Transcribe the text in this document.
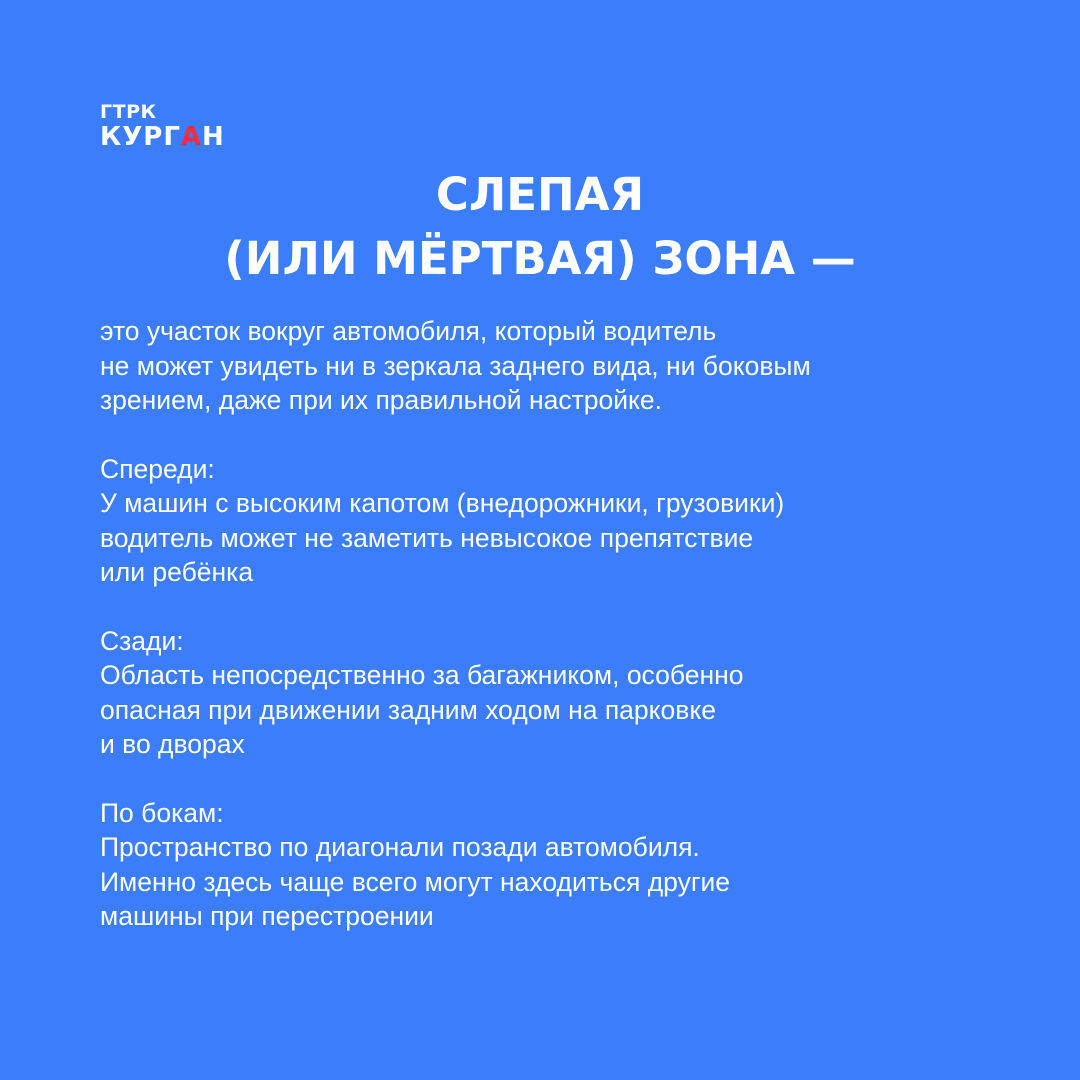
ГТРК
КУРГАН
СЛЕПАЯ
(ИЛИ МЁРТВАЯ) ЗОНА —
это участок вокруг автомобиля, который водитель
не может увидеть ни в зеркала заднего вида, ни боковым
зрением, даже при их правильной настройке.
Спереди:
У машин с высоким капотом (внедорожники, грузовики)
водитель может не заметить невысокое препятствие
или ребёнка
Сзади:
Область непосредственно за багажником, особенно
опасная при движении задним ходом на парковке
и во дворах
По бокам:
Пространство по диагонали позади автомобиля.
Именно здесь чаще всего могут находиться другие
машины при перестроении
